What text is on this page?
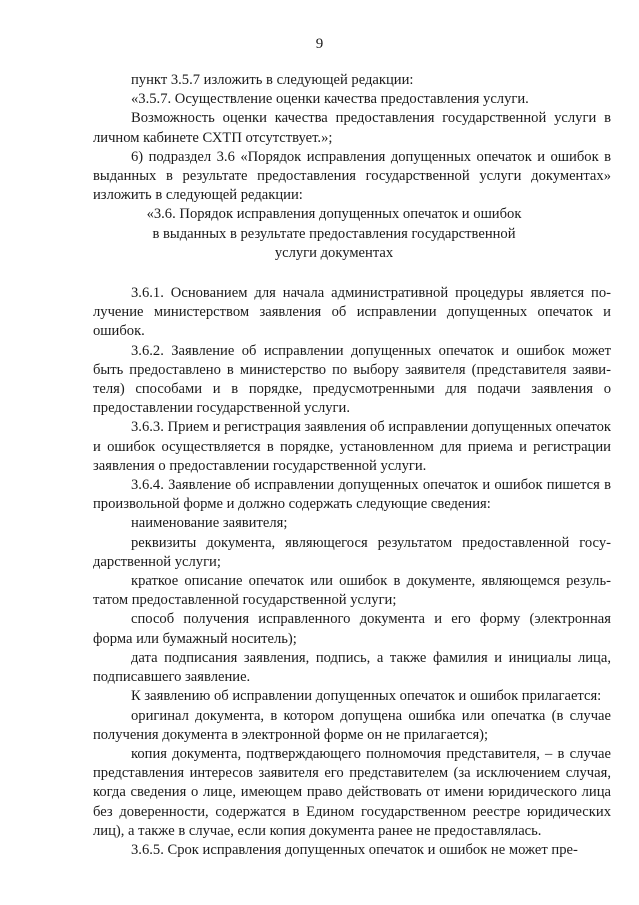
9

пункт 3.5.7 изложить в следующей редакции:

«3.5.7. Осуществление оценки качества предоставления услуги.

Возможность оценки качества предоставления государственной услуги в личном кабинете СХТП отсутствует.»;

6) подраздел 3.6 «Порядок исправления допущенных опечаток и ошибок в выданных в результате предоставления государственной услуги документах» изложить в следующей редакции:

«3.6. Порядок исправления допущенных опечаток и ошибок

в выданных в результате предоставления государственной

услуги документах

3.6.1. Основанием для начала административной процедуры является получение министерством заявления об исправлении допущенных опечаток и ошибок.

3.6.2. Заявление об исправлении допущенных опечаток и ошибок может быть предоставлено в министерство по выбору заявителя (представителя заявителя) способами и в порядке, предусмотренными для подачи заявления о предоставлении государственной услуги.

3.6.3. Прием и регистрация заявления об исправлении допущенных опечаток и ошибок осуществляется в порядке, установленном для приема и регистрации заявления о предоставлении государственной услуги.

3.6.4. Заявление об исправлении допущенных опечаток и ошибок пишется в произвольной форме и должно содержать следующие сведения:

наименование заявителя;

реквизиты документа, являющегося результатом предоставленной государственной услуги;

краткое описание опечаток или ошибок в документе, являющемся результатом предоставленной государственной услуги;

способ получения исправленного документа и его форму (электронная форма или бумажный носитель);

дата подписания заявления, подпись, а также фамилия и инициалы лица, подписавшего заявление.

К заявлению об исправлении допущенных опечаток и ошибок прилагается:

оригинал документа, в котором допущена ошибка или опечатка (в случае получения документа в электронной форме он не прилагается);

копия документа, подтверждающего полномочия представителя, – в случае представления интересов заявителя его представителем (за исключением случая, когда сведения о лице, имеющем право действовать от имени юридического лица без доверенности, содержатся в Едином государственном реестре юридических лиц), а также в случае, если копия документа ранее не предоставлялась.

3.6.5. Срок исправления допущенных опечаток и ошибок не может пре-
